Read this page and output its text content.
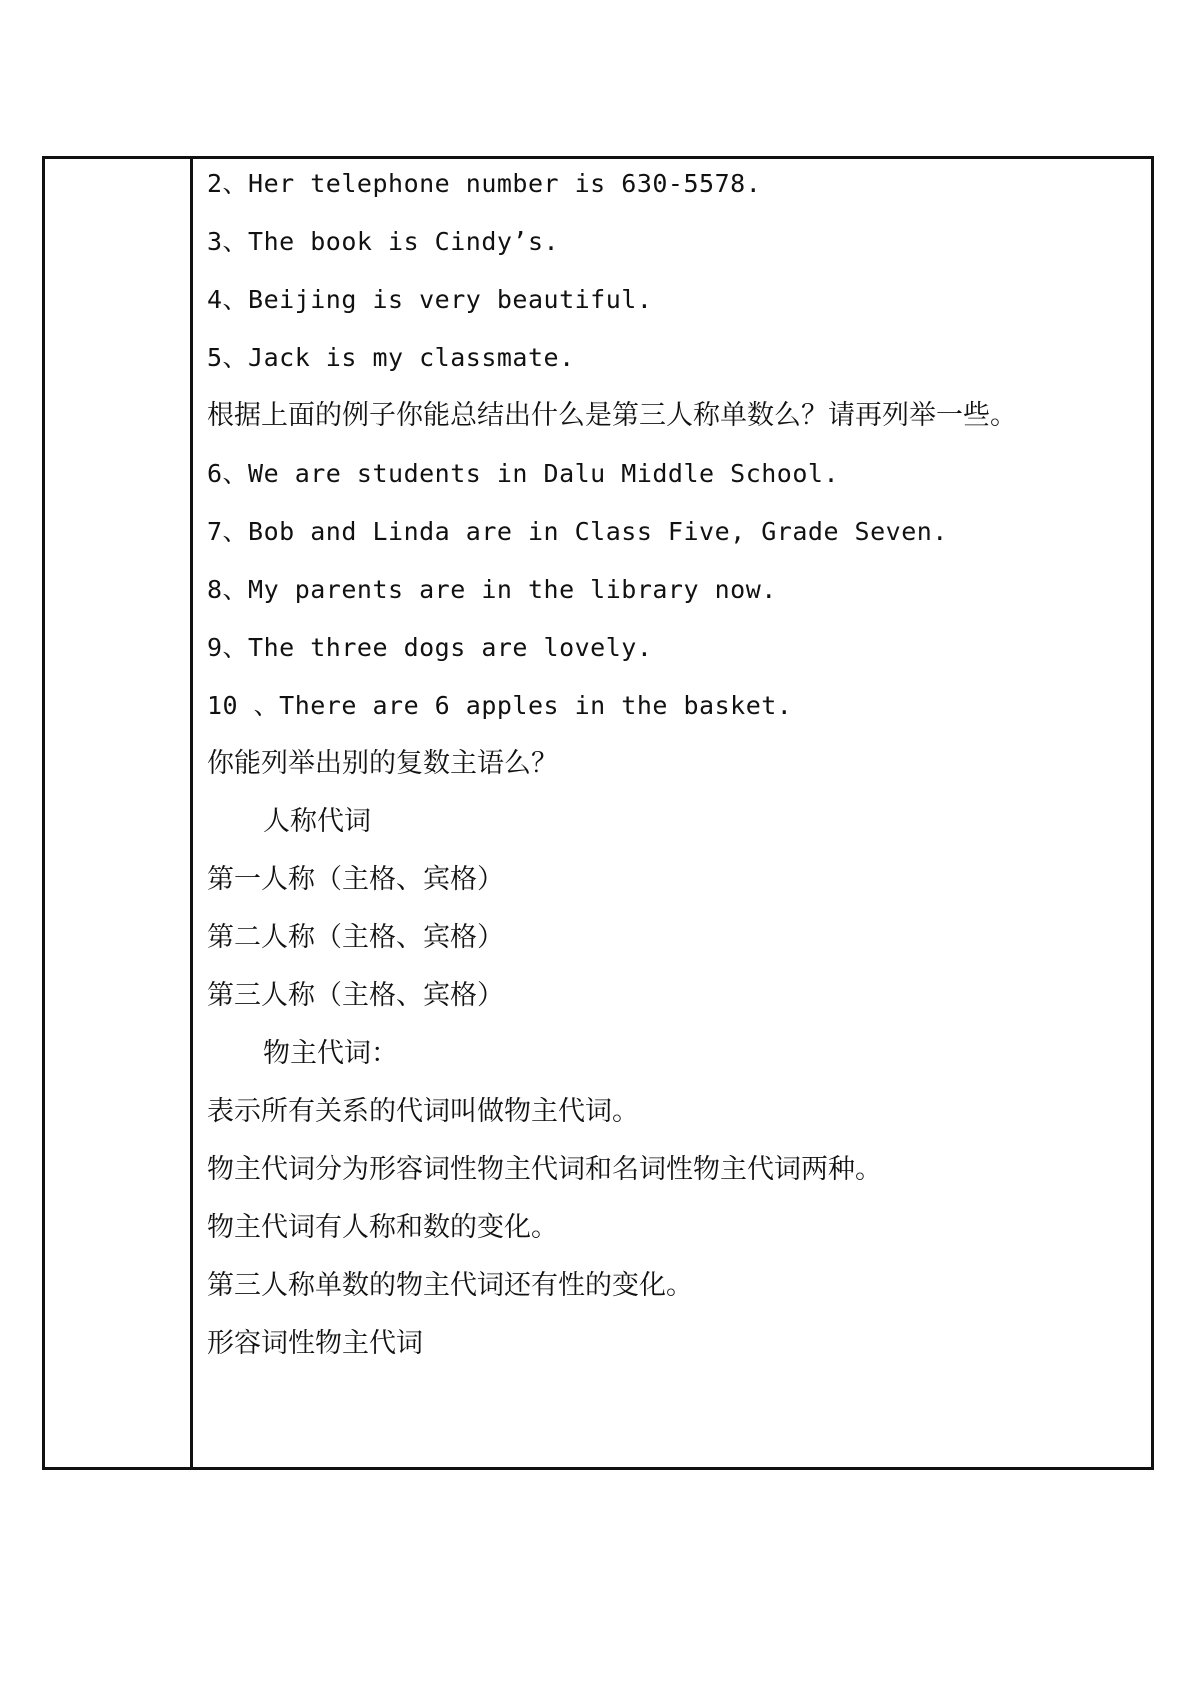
2、Her telephone number is 630-5578.
3、The book is Cindy’s.
4、Beijing is very beautiful.
5、Jack is my classmate.
根据上面的例子你能总结出什么是第三人称单数么？请再列举一些。
6、We are students in Dalu Middle School.
7、Bob and Linda are in Class Five, Grade Seven.
8、My parents are in the library now.
9、The three dogs are lovely.
10 、There are 6 apples in the basket.
你能列举出别的复数主语么？
人称代词
第一人称（主格、宾格）
第二人称（主格、宾格）
第三人称（主格、宾格）
物主代词：
表示所有关系的代词叫做物主代词。
物主代词分为形容词性物主代词和名词性物主代词两种。
物主代词有人称和数的变化。
第三人称单数的物主代词还有性的变化。
形容词性物主代词
